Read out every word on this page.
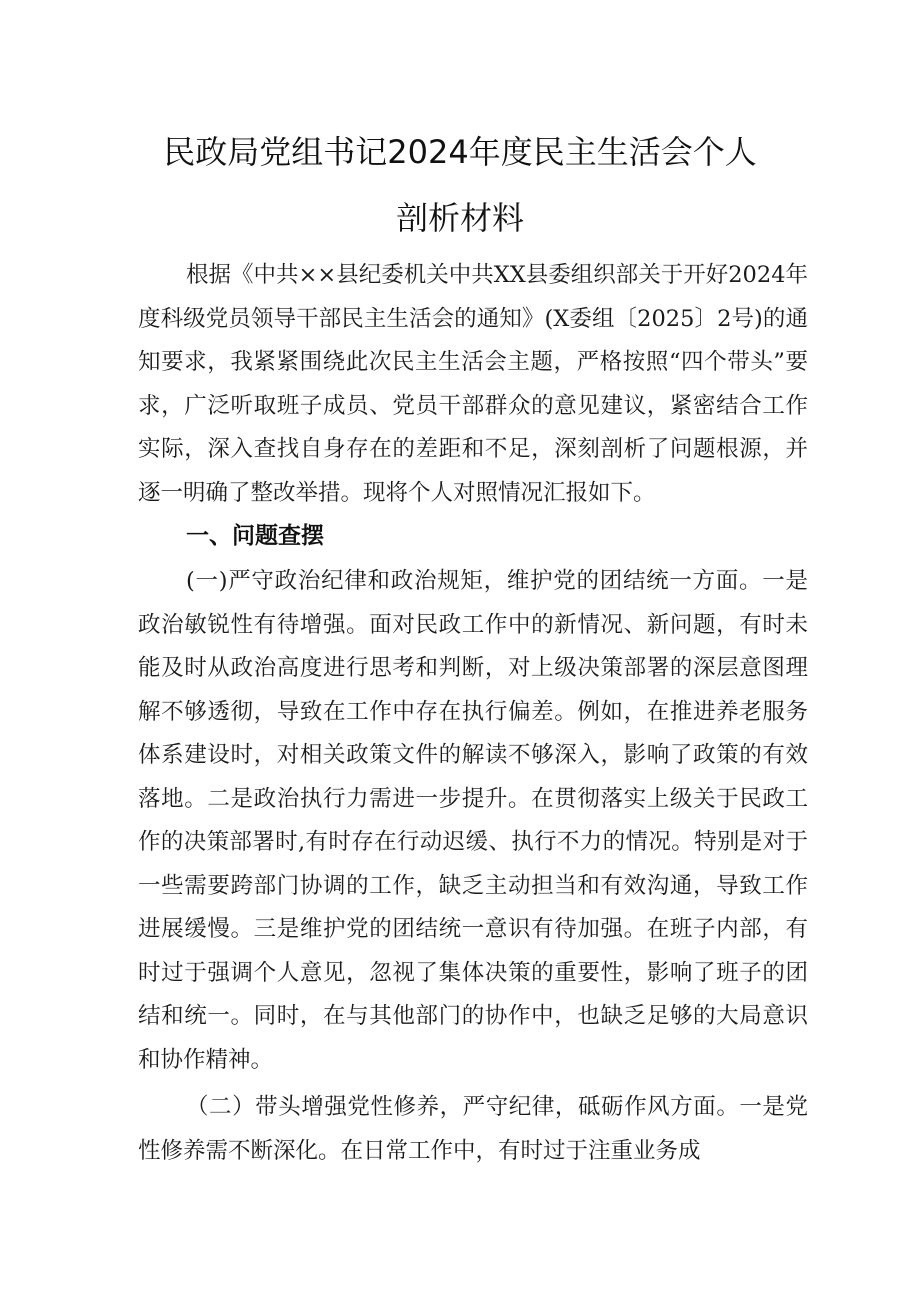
民政局党组书记2024年度民主生活会个人
剖析材料

根据《中共××县纪委机关中共XX县委组织部关于开好2024年度科级党员领导干部民主生活会的通知》(X委组〔2025〕2号)的通知要求，我紧紧围绕此次民主生活会主题，严格按照“四个带头”要求，广泛听取班子成员、党员干部群众的意见建议，紧密结合工作实际，深入查找自身存在的差距和不足，深刻剖析了问题根源，并逐一明确了整改举措。现将个人对照情况汇报如下。

一、问题查摆

(一)严守政治纪律和政治规矩，维护党的团结统一方面。一是政治敏锐性有待增强。面对民政工作中的新情况、新问题，有时未能及时从政治高度进行思考和判断，对上级决策部署的深层意图理解不够透彻，导致在工作中存在执行偏差。例如，在推进养老服务体系建设时，对相关政策文件的解读不够深入，影响了政策的有效落地。二是政治执行力需进一步提升。在贯彻落实上级关于民政工作的决策部署时,有时存在行动迟缓、执行不力的情况。特别是对于一些需要跨部门协调的工作，缺乏主动担当和有效沟通，导致工作进展缓慢。三是维护党的团结统一意识有待加强。在班子内部，有时过于强调个人意见，忽视了集体决策的重要性，影响了班子的团结和统一。同时，在与其他部门的协作中，也缺乏足够的大局意识和协作精神。

（二）带头增强党性修养，严守纪律，砥砺作风方面。一是党性修养需不断深化。在日常工作中，有时过于注重业务成
